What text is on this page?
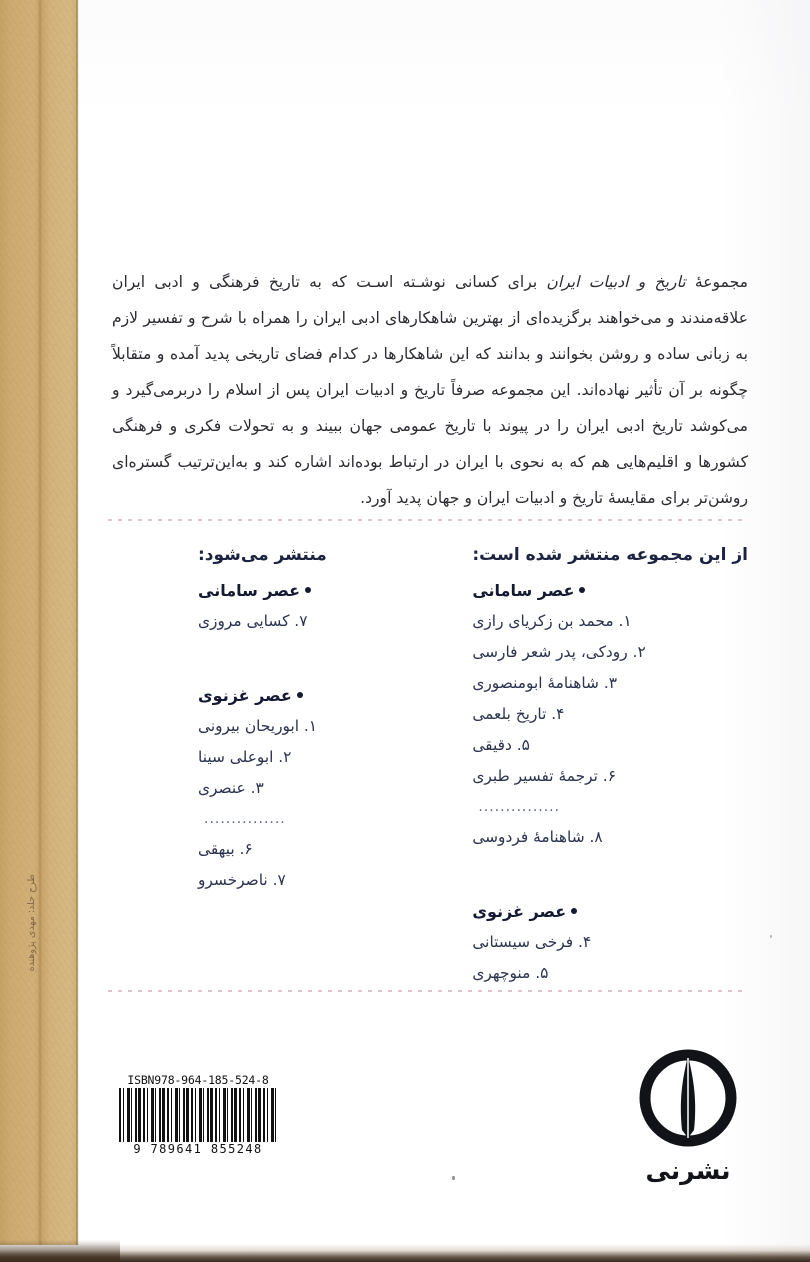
طرح جلد: مهدی پژوهنده

مجموعهٔ تاریخ و ادبیات ایران برای کسانی نوشـته اسـت که به تاریخ فرهنگی و ادبی ایران علاقه‌مندند و می‌خواهند برگزیده‌ای از بهترین شاهکارهای ادبی ایران را همراه با شرح و تفسیر لازم به زبانی ساده و روشن بخوانند و بدانند که این شاهکارها در کدام فضای تاریخی پدید آمده و متقابلاً چگونه بر آن تأثیر نهاده‌اند. این مجموعه صرفاً تاریخ و ادبیات ایران پس از اسلام را دربرمی‌گیرد و می‌کوشد تاریخ ادبی ایران را در پیوند با تاریخ عمومی جهان ببیند و به تحولات فکری و فرهنگی کشورها و اقلیم‌هایی هم که به نحوی با ایران در ارتباط بوده‌اند اشاره کند و به‌این‌ترتیب گستره‌ای روشن‌تر برای مقایسهٔ تاریخ و ادبیات ایران و جهان پدید آورد.

از این مجموعه منتشر شده است:
عصر سامانی
۱. محمد بن زکریای رازی
۲. رودکی، پدر شعر فارسی
۳. شاهنامهٔ ابومنصوری
۴. تاریخ بلعمی
۵. دقیقی
۶. ترجمهٔ تفسیر طبری
...............
۸. شاهنامهٔ فردوسی
عصر غزنوی
۴. فرخی سیستانی
۵. منوچهری
منتشر می‌شود:
عصر سامانی
۷. کسایی مروزی
عصر غزنوی
۱. ابوریحان بیرونی
۲. ابوعلی سینا
۳. عنصری
...............
۶. بیهقی
۷. ناصرخسرو
ISBN978-964-185-524-8
9 789641 855248
نشرنی
